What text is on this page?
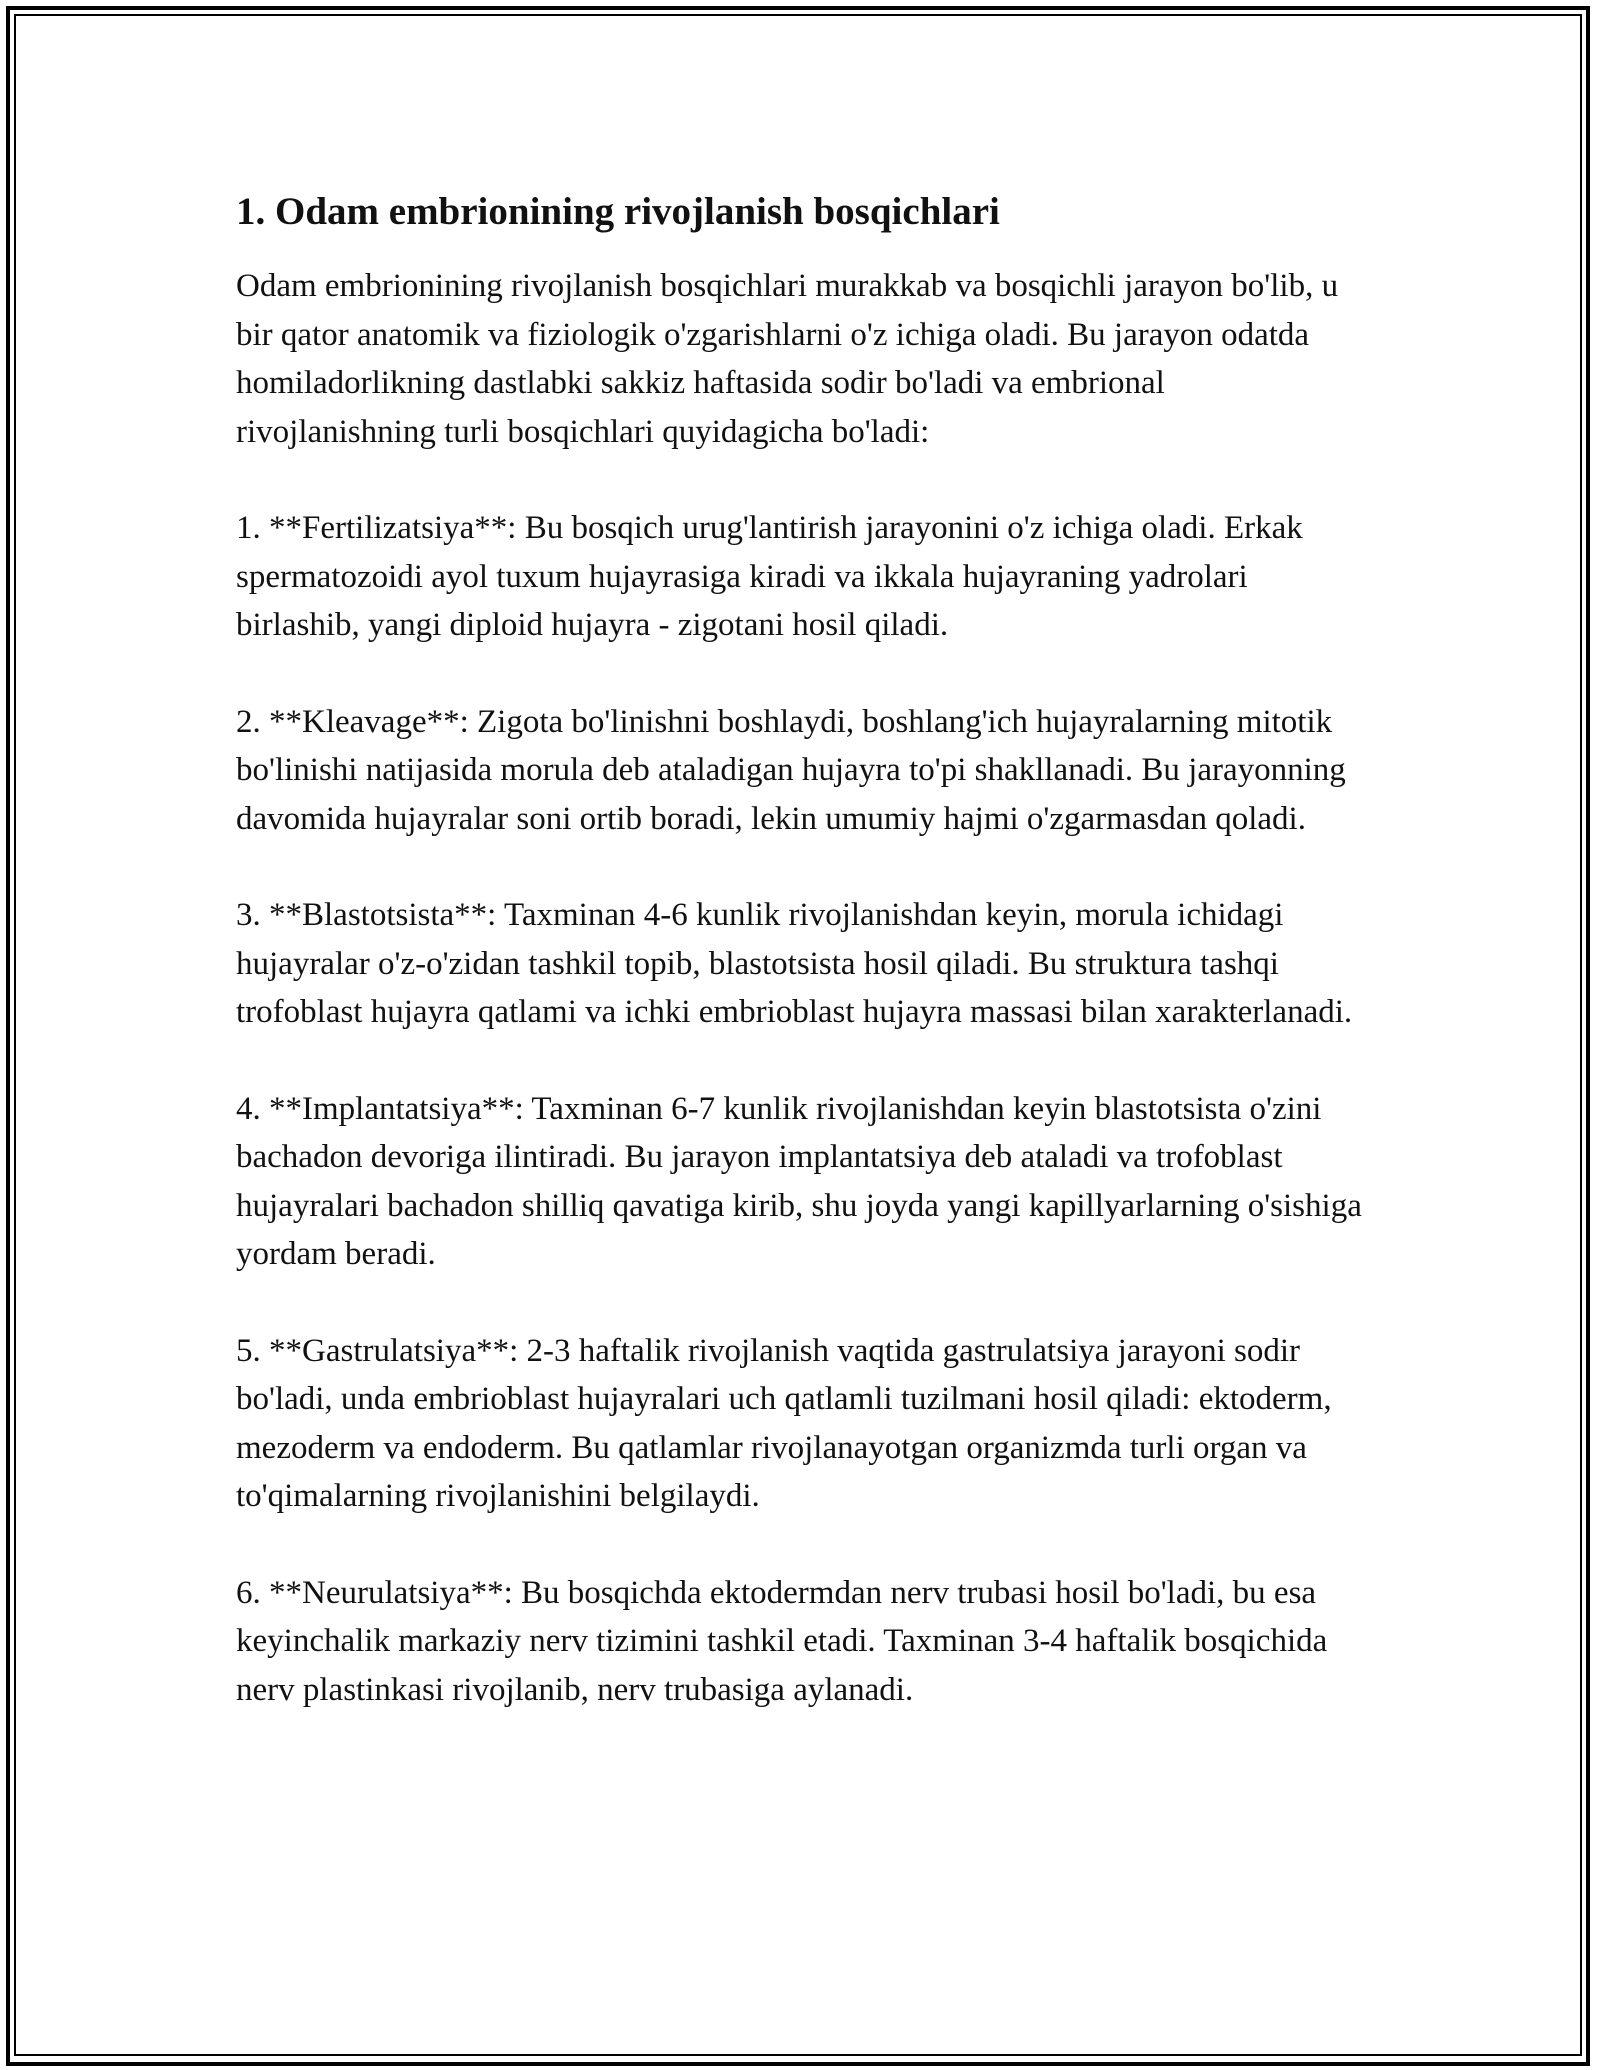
1. Odam embrionining rivojlanish bosqichlari

Odam embrionining rivojlanish bosqichlari murakkab va bosqichli jarayon bo'lib, u bir qator anatomik va fiziologik o'zgarishlarni o'z ichiga oladi. Bu jarayon odatda homiladorlikning dastlabki sakkiz haftasida sodir bo'ladi va embrional rivojlanishning turli bosqichlari quyidagicha bo'ladi:

1. **Fertilizatsiya**: Bu bosqich urug'lantirish jarayonini o'z ichiga oladi. Erkak spermatozoidi ayol tuxum hujayrasiga kiradi va ikkala hujayraning yadrolari birlashib, yangi diploid hujayra - zigotani hosil qiladi.

2. **Kleavage**: Zigota bo'linishni boshlaydi, boshlang'ich hujayralarning mitotik bo'linishi natijasida morula deb ataladigan hujayra to'pi shakllanadi. Bu jarayonning davomida hujayralar soni ortib boradi, lekin umumiy hajmi o'zgarmasdan qoladi.

3. **Blastotsista**: Taxminan 4-6 kunlik rivojlanishdan keyin, morula ichidagi hujayralar o'z-o'zidan tashkil topib, blastotsista hosil qiladi. Bu struktura tashqi trofoblast hujayra qatlami va ichki embrioblast hujayra massasi bilan xarakterlanadi.

4. **Implantatsiya**: Taxminan 6-7 kunlik rivojlanishdan keyin blastotsista o'zini bachadon devoriga ilintiradi. Bu jarayon implantatsiya deb ataladi va trofoblast hujayralari bachadon shilliq qavatiga kirib, shu joyda yangi kapillyarlarning o'sishiga yordam beradi.

5. **Gastrulatsiya**: 2-3 haftalik rivojlanish vaqtida gastrulatsiya jarayoni sodir bo'ladi, unda embrioblast hujayralari uch qatlamli tuzilmani hosil qiladi: ektoderm, mezoderm va endoderm. Bu qatlamlar rivojlanayotgan organizmda turli organ va to'qimalarning rivojlanishini belgilaydi.

6. **Neurulatsiya**: Bu bosqichda ektodermdan nerv trubasi hosil bo'ladi, bu esa keyinchalik markaziy nerv tizimini tashkil etadi. Taxminan 3-4 haftalik bosqichida nerv plastinkasi rivojlanib, nerv trubasiga aylanadi.
